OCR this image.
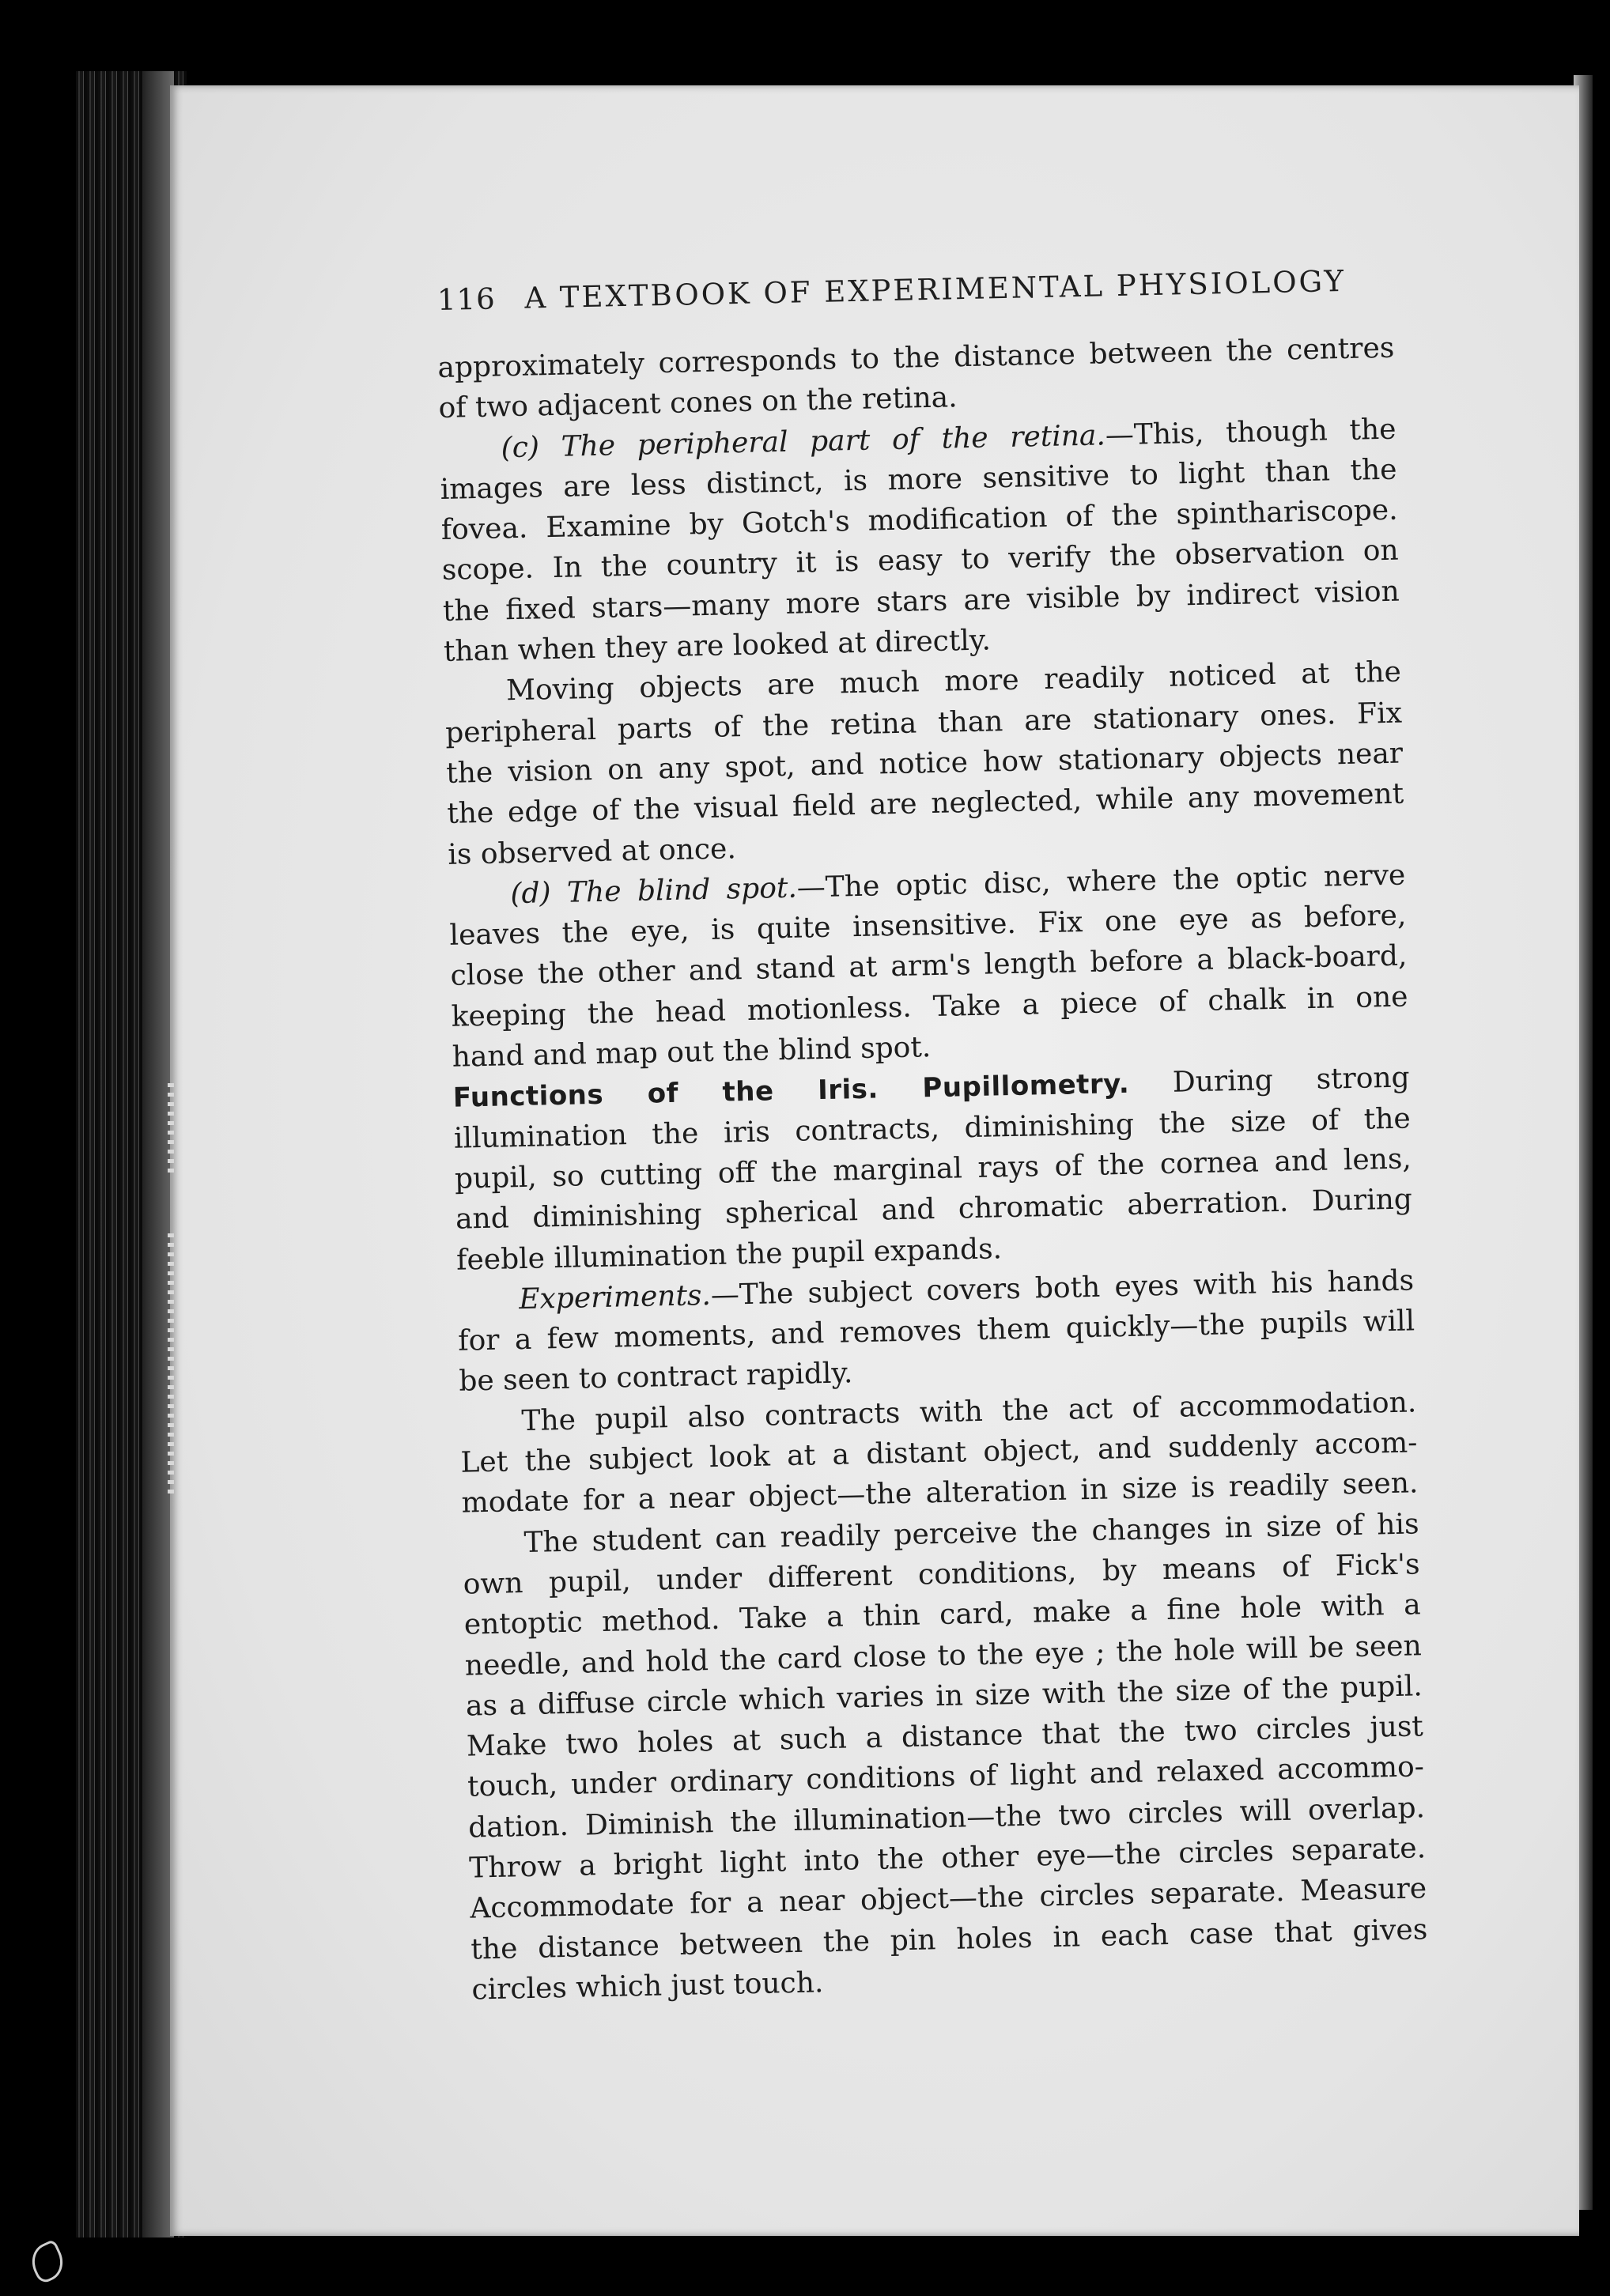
116 A TEXTBOOK OF EXPERIMENTAL PHYSIOLOGY
approximately corresponds to the distance between the centres
of two adjacent cones on the retina.
(c) The peripheral part of the retina.—This, though the
images are less distinct, is more sensitive to light than the
fovea. Examine by Gotch's modification of the spinthariscope.
scope. In the country it is easy to verify the observation on
the fixed stars—many more stars are visible by indirect vision
than when they are looked at directly.
Moving objects are much more readily noticed at the
peripheral parts of the retina than are stationary ones. Fix
the vision on any spot, and notice how stationary objects near
the edge of the visual field are neglected, while any movement
is observed at once.
(d) The blind spot.—The optic disc, where the optic nerve
leaves the eye, is quite insensitive. Fix one eye as before,
close the other and stand at arm's length before a black-board,
keeping the head motionless. Take a piece of chalk in one
hand and map out the blind spot.
Functions of the Iris. Pupillometry. During strong
illumination the iris contracts, diminishing the size of the
pupil, so cutting off the marginal rays of the cornea and lens,
and diminishing spherical and chromatic aberration. During
feeble illumination the pupil expands.
Experiments.—The subject covers both eyes with his hands
for a few moments, and removes them quickly—the pupils will
be seen to contract rapidly.
The pupil also contracts with the act of accommodation.
Let the subject look at a distant object, and suddenly accom-
modate for a near object—the alteration in size is readily seen.
The student can readily perceive the changes in size of his
own pupil, under different conditions, by means of Fick's
entoptic method. Take a thin card, make a fine hole with a
needle, and hold the card close to the eye ; the hole will be seen
as a diffuse circle which varies in size with the size of the pupil.
Make two holes at such a distance that the two circles just
touch, under ordinary conditions of light and relaxed accommo-
dation. Diminish the illumination—the two circles will overlap.
Throw a bright light into the other eye—the circles separate.
Accommodate for a near object—the circles separate. Measure
the distance between the pin holes in each case that gives
circles which just touch.
